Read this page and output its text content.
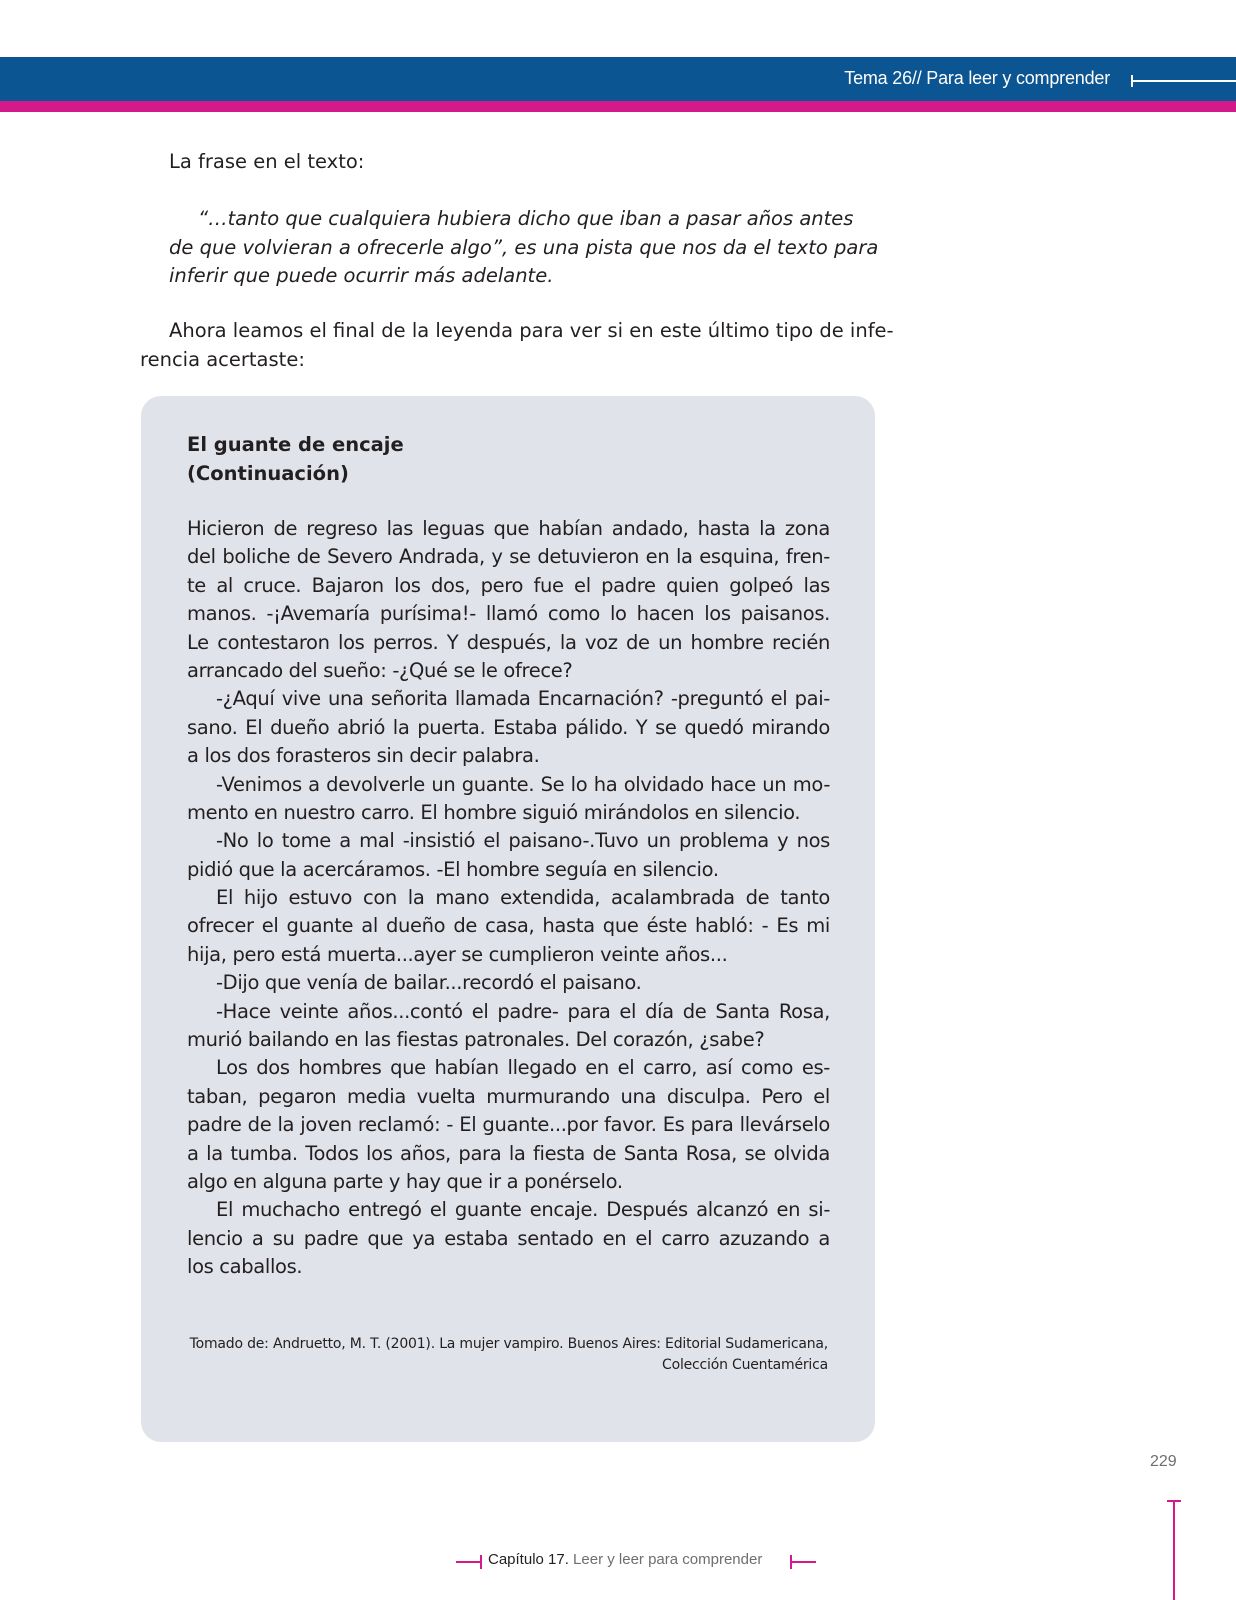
Tema 26// Para leer y comprender

La frase en el texto:

“…tanto que cualquiera hubiera dicho que iban a pasar años antes
de que volvieran a ofrecerle algo”, es una pista que nos da el texto para
inferir que puede ocurrir más adelante.
Ahora leamos el final de la leyenda para ver si en este último tipo de infe-
rencia acertaste:
El guante de encaje
(Continuación)
Hicieron de regreso las leguas que habían andado, hasta la zona
del boliche de Severo Andrada, y se detuvieron en la esquina, fren-
te al cruce. Bajaron los dos, pero fue el padre quien golpeó las
manos. -¡Avemaría purísima!- llamó como lo hacen los paisanos.
Le contestaron los perros. Y después, la voz de un hombre recién
arrancado del sueño: -¿Qué se le ofrece?
-¿Aquí vive una señorita llamada Encarnación? -preguntó el pai-
sano. El dueño abrió la puerta. Estaba pálido. Y se quedó mirando
a los dos forasteros sin decir palabra.
-Venimos a devolverle un guante. Se lo ha olvidado hace un mo-
mento en nuestro carro. El hombre siguió mirándolos en silencio.
-No lo tome a mal -insistió el paisano-.Tuvo un problema y nos
pidió que la acercáramos. -El hombre seguía en silencio.
El hijo estuvo con la mano extendida, acalambrada de tanto
ofrecer el guante al dueño de casa, hasta que éste habló: - Es mi
hija, pero está muerta...ayer se cumplieron veinte años...
-Dijo que venía de bailar...recordó el paisano.
-Hace veinte años...contó el padre- para el día de Santa Rosa,
murió bailando en las fiestas patronales. Del corazón, ¿sabe?
Los dos hombres que habían llegado en el carro, así como es-
taban, pegaron media vuelta murmurando una disculpa. Pero el
padre de la joven reclamó: - El guante...por favor. Es para llevárselo
a la tumba. Todos los años, para la fiesta de Santa Rosa, se olvida
algo en alguna parte y hay que ir a ponérselo.
El muchacho entregó el guante encaje. Después alcanzó en si-
lencio a su padre que ya estaba sentado en el carro azuzando a
los caballos.
Tomado de: Andruetto, M. T. (2001). La mujer vampiro. Buenos Aires: Editorial Sudamericana,
Colección Cuentamérica
229
Capítulo 17. Leer y leer para comprender
